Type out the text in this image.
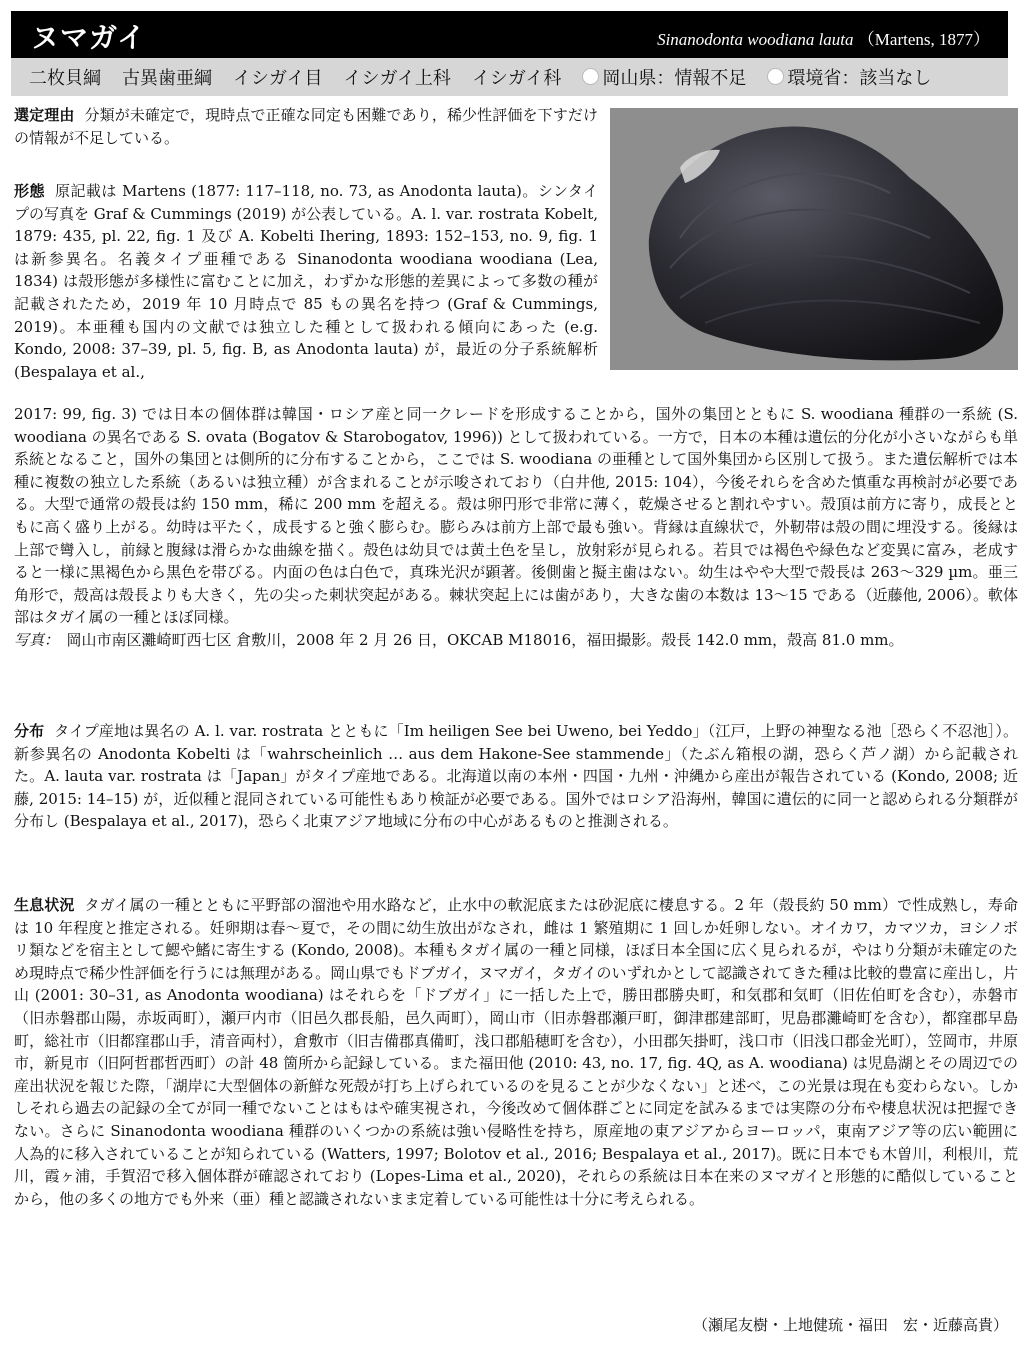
ヌマガイ	Sinanodonta woodiana lauta （Martens, 1877）
二枚貝綱 古異歯亜綱 イシガイ目 イシガイ上科 イシガイ科	岡山県：情報不足	環境省：該当なし
選定理由 分類が未確定で，現時点で正確な同定も困難であり，稀少性評価を下すだけの情報が不足している。
形態 原記載は Martens (1877: 117–118, no. 73, as Anodonta lauta)。シンタイプの写真を Graf & Cummings (2019) が公表している。A. l. var. rostrata Kobelt, 1879: 435, pl. 22, fig. 1 及び A. Kobelti Ihering, 1893: 152–153, no. 9, fig. 1 は新参異名。名義タイプ亜種である Sinanodonta woodiana woodiana (Lea, 1834) は殻形態が多様性に富むことに加え，わずかな形態的差異によって多数の種が記載されたため，2019 年 10 月時点で 85 もの異名を持つ (Graf & Cummings, 2019)。本亜種も国内の文献では独立した種として扱われる傾向にあった (e.g. Kondo, 2008: 37–39, pl. 5, fig. B, as Anodonta lauta) が，最近の分子系統解析 (Bespalaya et al.,
2017: 99, fig. 3) では日本の個体群は韓国・ロシア産と同一クレードを形成することから，国外の集団とともに S. woodiana 種群の一系統 (S. woodiana の異名である S. ovata (Bogatov & Starobogatov, 1996)) として扱われている。一方で，日本の本種は遺伝的分化が小さいながらも単系統となること，国外の集団とは側所的に分布することから，ここでは S. woodiana の亜種として国外集団から区別して扱う。また遺伝解析では本種に複数の独立した系統（あるいは独立種）が含まれることが示唆されており（白井他, 2015: 104），今後それらを含めた慎重な再検討が必要である。大型で通常の殻長は約 150 mm，稀に 200 mm を超える。殻は卵円形で非常に薄く，乾燥させると割れやすい。殻頂は前方に寄り，成長とともに高く盛り上がる。幼時は平たく，成長すると強く膨らむ。膨らみは前方上部で最も強い。背縁は直線状で，外靭帯は殻の間に埋没する。後縁は上部で彎入し，前縁と腹縁は滑らかな曲線を描く。殻色は幼貝では黄土色を呈し，放射彩が見られる。若貝では褐色や緑色など変異に富み，老成すると一様に黒褐色から黒色を帯びる。内面の色は白色で，真珠光沢が顕著。後側歯と擬主歯はない。幼生はやや大型で殻長は 263〜329 µm。亜三角形で，殻高は殻長よりも大きく，先の尖った刺状突起がある。棘状突起上には歯があり，大きな歯の本数は 13〜15 である（近藤他, 2006）。軟体部はタガイ属の一種とほぼ同様。
写真：　 岡山市南区灘崎町西七区 倉敷川，2008 年 2 月 26 日，OKCAB M18016，福田撮影。殻長 142.0 mm，殻高 81.0 mm。
分布 タイプ産地は異名の A. l. var. rostrata とともに「Im heiligen See bei Uweno, bei Yeddo」（江戸，上野の神聖なる池［恐らく不忍池］）。新参異名の Anodonta Kobelti は「wahrscheinlich … aus dem Hakone-See stammende」（たぶん箱根の湖，恐らく芦ノ湖）から記載された。A. lauta var. rostrata は「Japan」がタイプ産地である。北海道以南の本州・四国・九州・沖縄から産出が報告されている (Kondo, 2008; 近藤, 2015: 14–15) が，近似種と混同されている可能性もあり検証が必要である。国外ではロシア沿海州，韓国に遺伝的に同一と認められる分類群が分布し (Bespalaya et al., 2017)，恐らく北東アジア地域に分布の中心があるものと推測される。
生息状況 タガイ属の一種とともに平野部の溜池や用水路など，止水中の軟泥底または砂泥底に棲息する。2 年（殻長約 50 mm）で性成熟し，寿命は 10 年程度と推定される。妊卵期は春〜夏で，その間に幼生放出がなされ，雌は 1 繁殖期に 1 回しか妊卵しない。オイカワ，カマツカ，ヨシノボリ類などを宿主として鰓や鰭に寄生する (Kondo, 2008)。本種もタガイ属の一種と同様，ほぼ日本全国に広く見られるが，やはり分類が未確定のため現時点で稀少性評価を行うには無理がある。岡山県でもドブガイ，ヌマガイ，タガイのいずれかとして認識されてきた種は比較的豊富に産出し，片山 (2001: 30–31, as Anodonta woodiana) はそれらを「ドブガイ」に一括した上で，勝田郡勝央町，和気郡和気町（旧佐伯町を含む），赤磐市（旧赤磐郡山陽，赤坂両町），瀬戸内市（旧邑久郡長船，邑久両町），岡山市（旧赤磐郡瀬戸町，御津郡建部町，児島郡灘崎町を含む），都窪郡早島町，総社市（旧都窪郡山手，清音両村），倉敷市（旧吉備郡真備町，浅口郡船穂町を含む），小田郡矢掛町，浅口市（旧浅口郡金光町），笠岡市，井原市，新見市（旧阿哲郡哲西町）の計 48 箇所から記録している。また福田他 (2010: 43, no. 17, fig. 4Q, as A. woodiana) は児島湖とその周辺での産出状況を報じた際，「湖岸に大型個体の新鮮な死殻が打ち上げられているのを見ることが少なくない」と述べ，この光景は現在も変わらない。しかしそれら過去の記録の全てが同一種でないことはもはや確実視され，今後改めて個体群ごとに同定を試みるまでは実際の分布や棲息状況は把握できない。さらに Sinanodonta woodiana 種群のいくつかの系統は強い侵略性を持ち，原産地の東アジアからヨーロッパ，東南アジア等の広い範囲に人為的に移入されていることが知られている (Watters, 1997; Bolotov et al., 2016; Bespalaya et al., 2017)。既に日本でも木曽川，利根川，荒川，霞ヶ浦，手賀沼で移入個体群が確認されており (Lopes-Lima et al., 2020)，それらの系統は日本在来のヌマガイと形態的に酷似していることから，他の多くの地方でも外来（亜）種と認識されないまま定着している可能性は十分に考えられる。
（瀬尾友樹・上地健琉・福田　宏・近藤高貴）
